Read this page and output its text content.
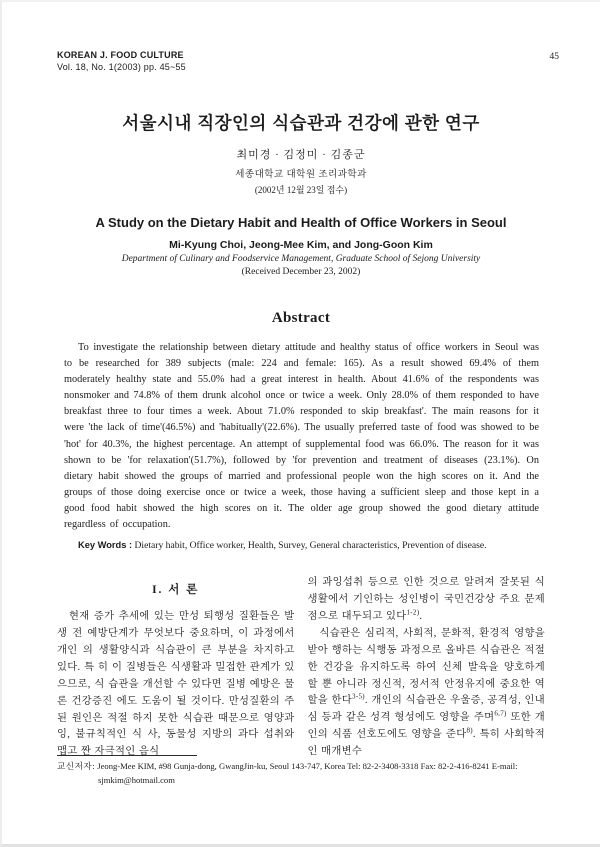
KOREAN J. FOOD CULTURE
Vol. 18, No. 1(2003) pp. 45~55
45
서울시내 직장인의 식습관과 건강에 관한 연구
최미경 · 김정미 · 김종군
세종대학교 대학원 조리과학과
(2002년 12월 23일 접수)
A Study on the Dietary Habit and Health of Office Workers in Seoul
Mi-Kyung Choi, Jeong-Mee Kim, and Jong-Goon Kim
Department of Culinary and Foodservice Management, Graduate School of Sejong University
(Received December 23, 2002)
Abstract

To investigate the relationship between dietary attitude and healthy status of office workers in Seoul was to be researched for 389 subjects (male: 224 and female: 165). As a result showed 69.4% of them moderately healthy state and 55.0% had a great interest in health. About 41.6% of the respondents was nonsmoker and 74.8% of them drunk alcohol once or twice a week. Only 28.0% of them responded to have breakfast three to four times a week. About 71.0% responded to skip breakfast'. The main reasons for it were 'the lack of time'(46.5%) and 'habitually'(22.6%). The usually preferred taste of food was showed to be 'hot' for 40.3%, the highest percentage. An attempt of supplemental food was 66.0%. The reason for it was shown to be 'for relaxation'(51.7%), followed by 'for prevention and treatment of diseases (23.1%). On dietary habit showed the groups of married and professional people won the high scores on it. And the groups of those doing exercise once or twice a week, those having a sufficient sleep and those kept in a good food habit showed the high scores on it. The older age group showed the good dietary attitude regardless of occupation.

Key Words : Dietary habit, Office worker, Health, Survey, General characteristics, Prevention of disease.

I. 서 론

현재 증가 추세에 있는 만성 퇴행성 질환들은 발생 전 예방단계가 무엇보다 중요하며, 이 과정에서 개인 의 생활양식과 식습관이 큰 부분을 차지하고 있다. 특 히 이 질병들은 식생활과 밀접한 관계가 있으므로, 식 습관을 개선할 수 있다면 질병 예방은 물론 건강증진 에도 도움이 될 것이다. 만성질환의 주된 원인은 적절 하지 못한 식습관 때문으로 영양과잉, 불규칙적인 식 사, 동물성 지방의 과다 섭취와 맵고 짠 자극적인 음식

의 과잉섭취 등으로 인한 것으로 알려져 잘못된 식생활에서 기인하는 성인병이 국민건강상 주요 문제점으로 대두되고 있다$^{1-2)}$.

식습관은 심리적, 사회적, 문화적, 환경적 영향을 받아 행하는 식행동 과정으로 올바른 식습관은 적절한 건강을 유지하도록 하여 신체 발육을 양호하게 할 뿐 아니라 정신적, 정서적 안정유지에 중요한 역할을 한다$^{3-5)}$. 개인의 식습관은 우울증, 공격성, 인내심 등과 같은 성격 형성에도 영향을 주며$^{6,7)}$ 또한 개인의 식품 선호도에도 영향을 준다$^{8)}$. 특히 사회학적인 매개변수

교신저자: Jeong-Mee KIM, #98 Gunja-dong, GwangJin-ku, Seoul 143-747, Korea Tel: 82-2-3408-3318 Fax: 82-2-416-8241 E-mail: sjmkim@hotmail.com
